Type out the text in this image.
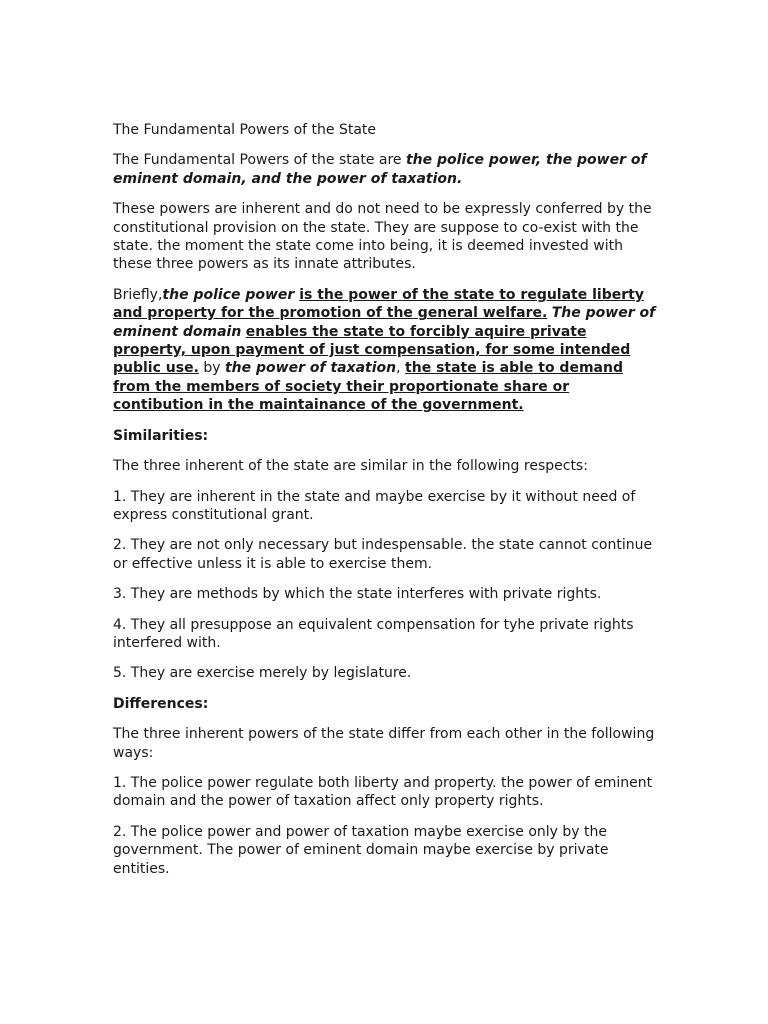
The Fundamental Powers of the State

The Fundamental Powers of the state are the police power, the power of eminent domain, and the power of taxation.

These powers are inherent and do not need to be expressly conferred by the constitutional provision on the state. They are suppose to co-exist with the state. the moment the state come into being, it is deemed invested with these three powers as its innate attributes.

Briefly,the police power is the power of the state to regulate liberty and property for the promotion of the general welfare. The power of eminent domain enables the state to forcibly aquire private property, upon payment of just compensation, for some intended public use. by the power of taxation, the state is able to demand from the members of society their proportionate share or contibution in the maintainance of the government.

Similarities:

The three inherent of the state are similar in the following respects:

1. They are inherent in the state and maybe exercise by it without need of express constitutional grant.

2. They are not only necessary but indespensable. the state cannot continue or effective unless it is able to exercise them.

3. They are methods by which the state interferes with private rights.

4. They all presuppose an equivalent compensation for tyhe private rights interfered with.

5. They are exercise merely by legislature.

Differences:

The three inherent powers of the state differ from each other in the following ways:

1. The police power regulate both liberty and property. the power of eminent domain and the power of taxation affect only property rights.

2. The police power and power of taxation maybe exercise only by the government. The power of eminent domain maybe exercise by private entities.
